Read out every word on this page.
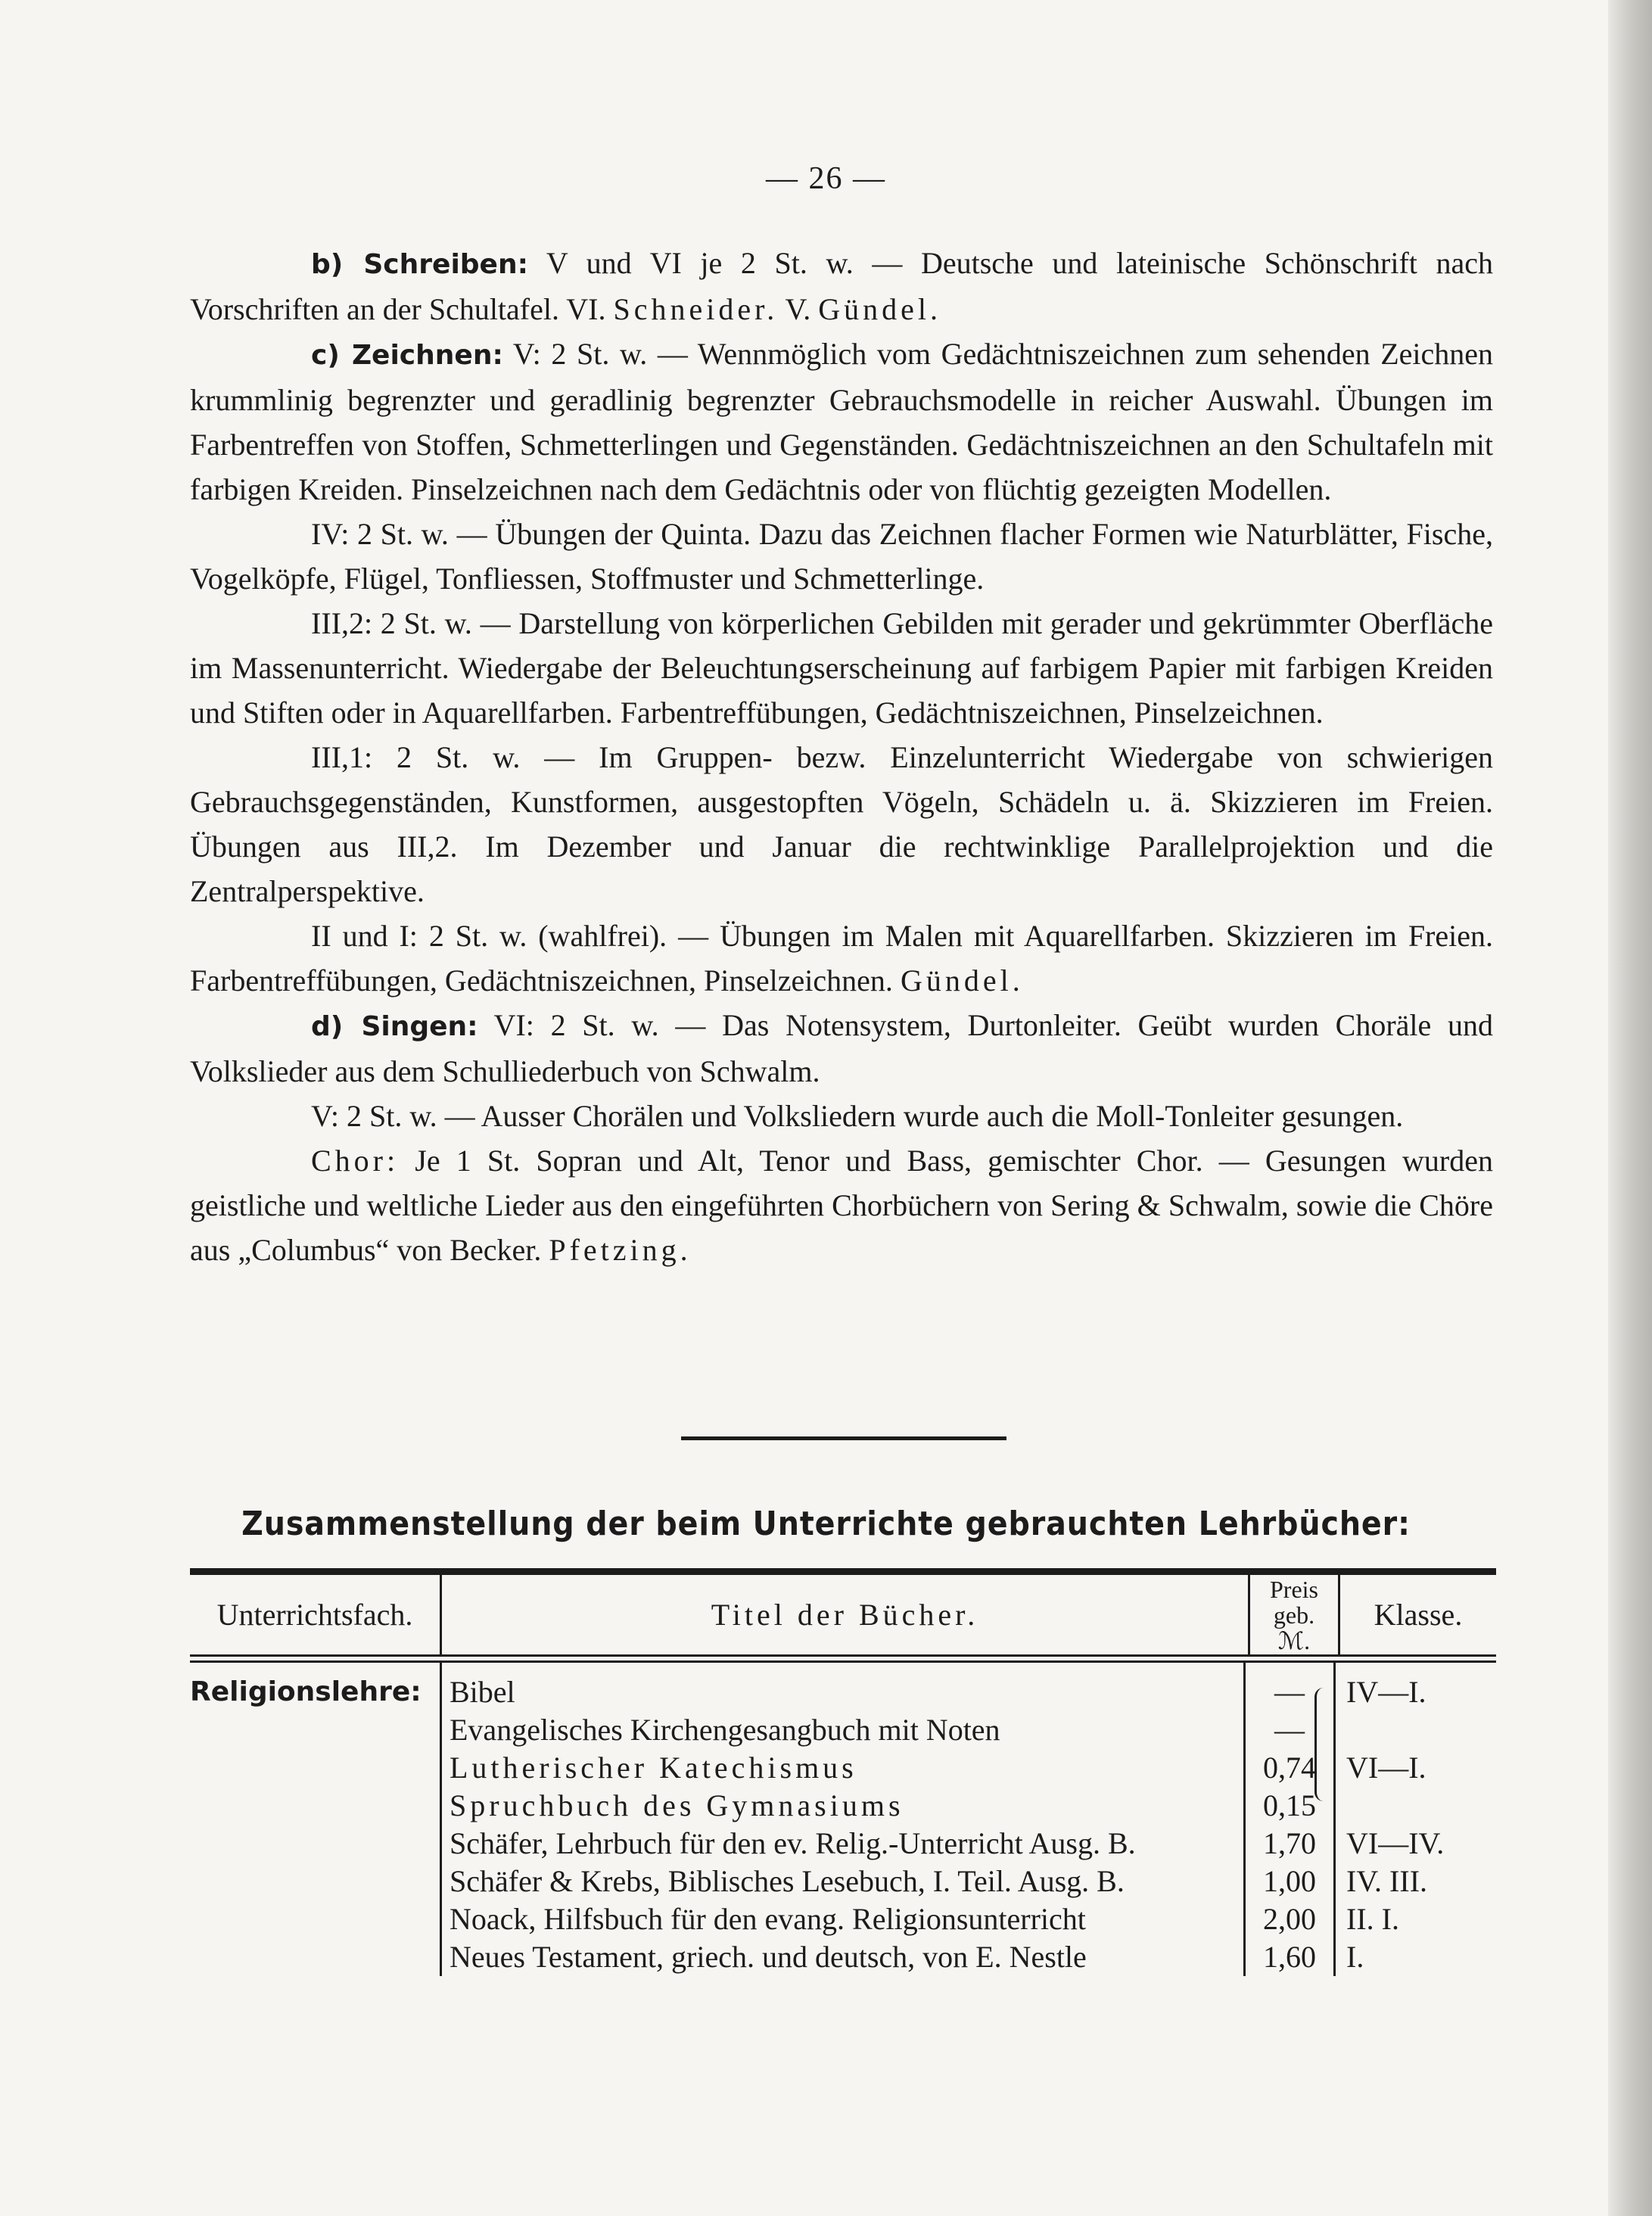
— 26 —

b) Schreiben: V und VI je 2 St. w. — Deutsche und lateinische Schönschrift nach Vorschriften an der Schultafel. VI. Schneider. V. Gündel.

c) Zeichnen: V: 2 St. w. — Wennmöglich vom Gedächtniszeichnen zum sehenden Zeichnen krummlinig begrenzter und geradlinig begrenzter Gebrauchsmodelle in reicher Auswahl. Übungen im Farbentreffen von Stoffen, Schmetterlingen und Gegenständen. Gedächtniszeichnen an den Schultafeln mit farbigen Kreiden. Pinselzeichnen nach dem Gedächtnis oder von flüchtig gezeigten Modellen.

IV: 2 St. w. — Übungen der Quinta. Dazu das Zeichnen flacher Formen wie Naturblätter, Fische, Vogelköpfe, Flügel, Tonfliessen, Stoffmuster und Schmetterlinge.

III,2: 2 St. w. — Darstellung von körperlichen Gebilden mit gerader und gekrümmter Oberfläche im Massenunterricht. Wiedergabe der Beleuchtungserscheinung auf farbigem Papier mit farbigen Kreiden und Stiften oder in Aquarellfarben. Farbentreffübungen, Gedächtniszeichnen, Pinselzeichnen.

III,1: 2 St. w. — Im Gruppen- bezw. Einzelunterricht Wiedergabe von schwierigen Gebrauchsgegenständen, Kunstformen, ausgestopften Vögeln, Schädeln u. ä. Skizzieren im Freien. Übungen aus III,2. Im Dezember und Januar die rechtwinklige Parallelprojektion und die Zentralperspektive.

II und I: 2 St. w. (wahlfrei). — Übungen im Malen mit Aquarellfarben. Skizzieren im Freien. Farbentreffübungen, Gedächtniszeichnen, Pinselzeichnen. Gündel.

d) Singen: VI: 2 St. w. — Das Notensystem, Durtonleiter. Geübt wurden Choräle und Volkslieder aus dem Schulliederbuch von Schwalm.

V: 2 St. w. — Ausser Chorälen und Volksliedern wurde auch die Moll-Tonleiter gesungen.

Chor: Je 1 St. Sopran und Alt, Tenor und Bass, gemischter Chor. — Gesungen wurden geistliche und weltliche Lieder aus den eingeführten Chorbüchern von Sering & Schwalm, sowie die Chöre aus „Columbus“ von Becker. Pfetzing.

Zusammenstellung der beim Unterrichte gebrauchten Lehrbücher:
Unterrichtsfach.	Titel der Bücher.
Preis
geb.
ℳ.
Klasse.
Religionslehre: Bibel
Evangelisches Kirchengesangbuch mit Noten
Lutherischer Katechismus
Spruchbuch des Gymnasiums
Schäfer, Lehrbuch für den ev. Relig.-Unterricht Ausg. B.
Schäfer & Krebs, Biblisches Lesebuch, I. Teil. Ausg. B.
Noack, Hilfsbuch für den evang. Religionsunterricht
Neues Testament, griech. und deutsch, von E. Nestle
—
—
0,74
0,15
1,70
1,00
2,00
1,60
IV—I.
VI—I.
VI—IV.
IV. III.
II. I.
I.
